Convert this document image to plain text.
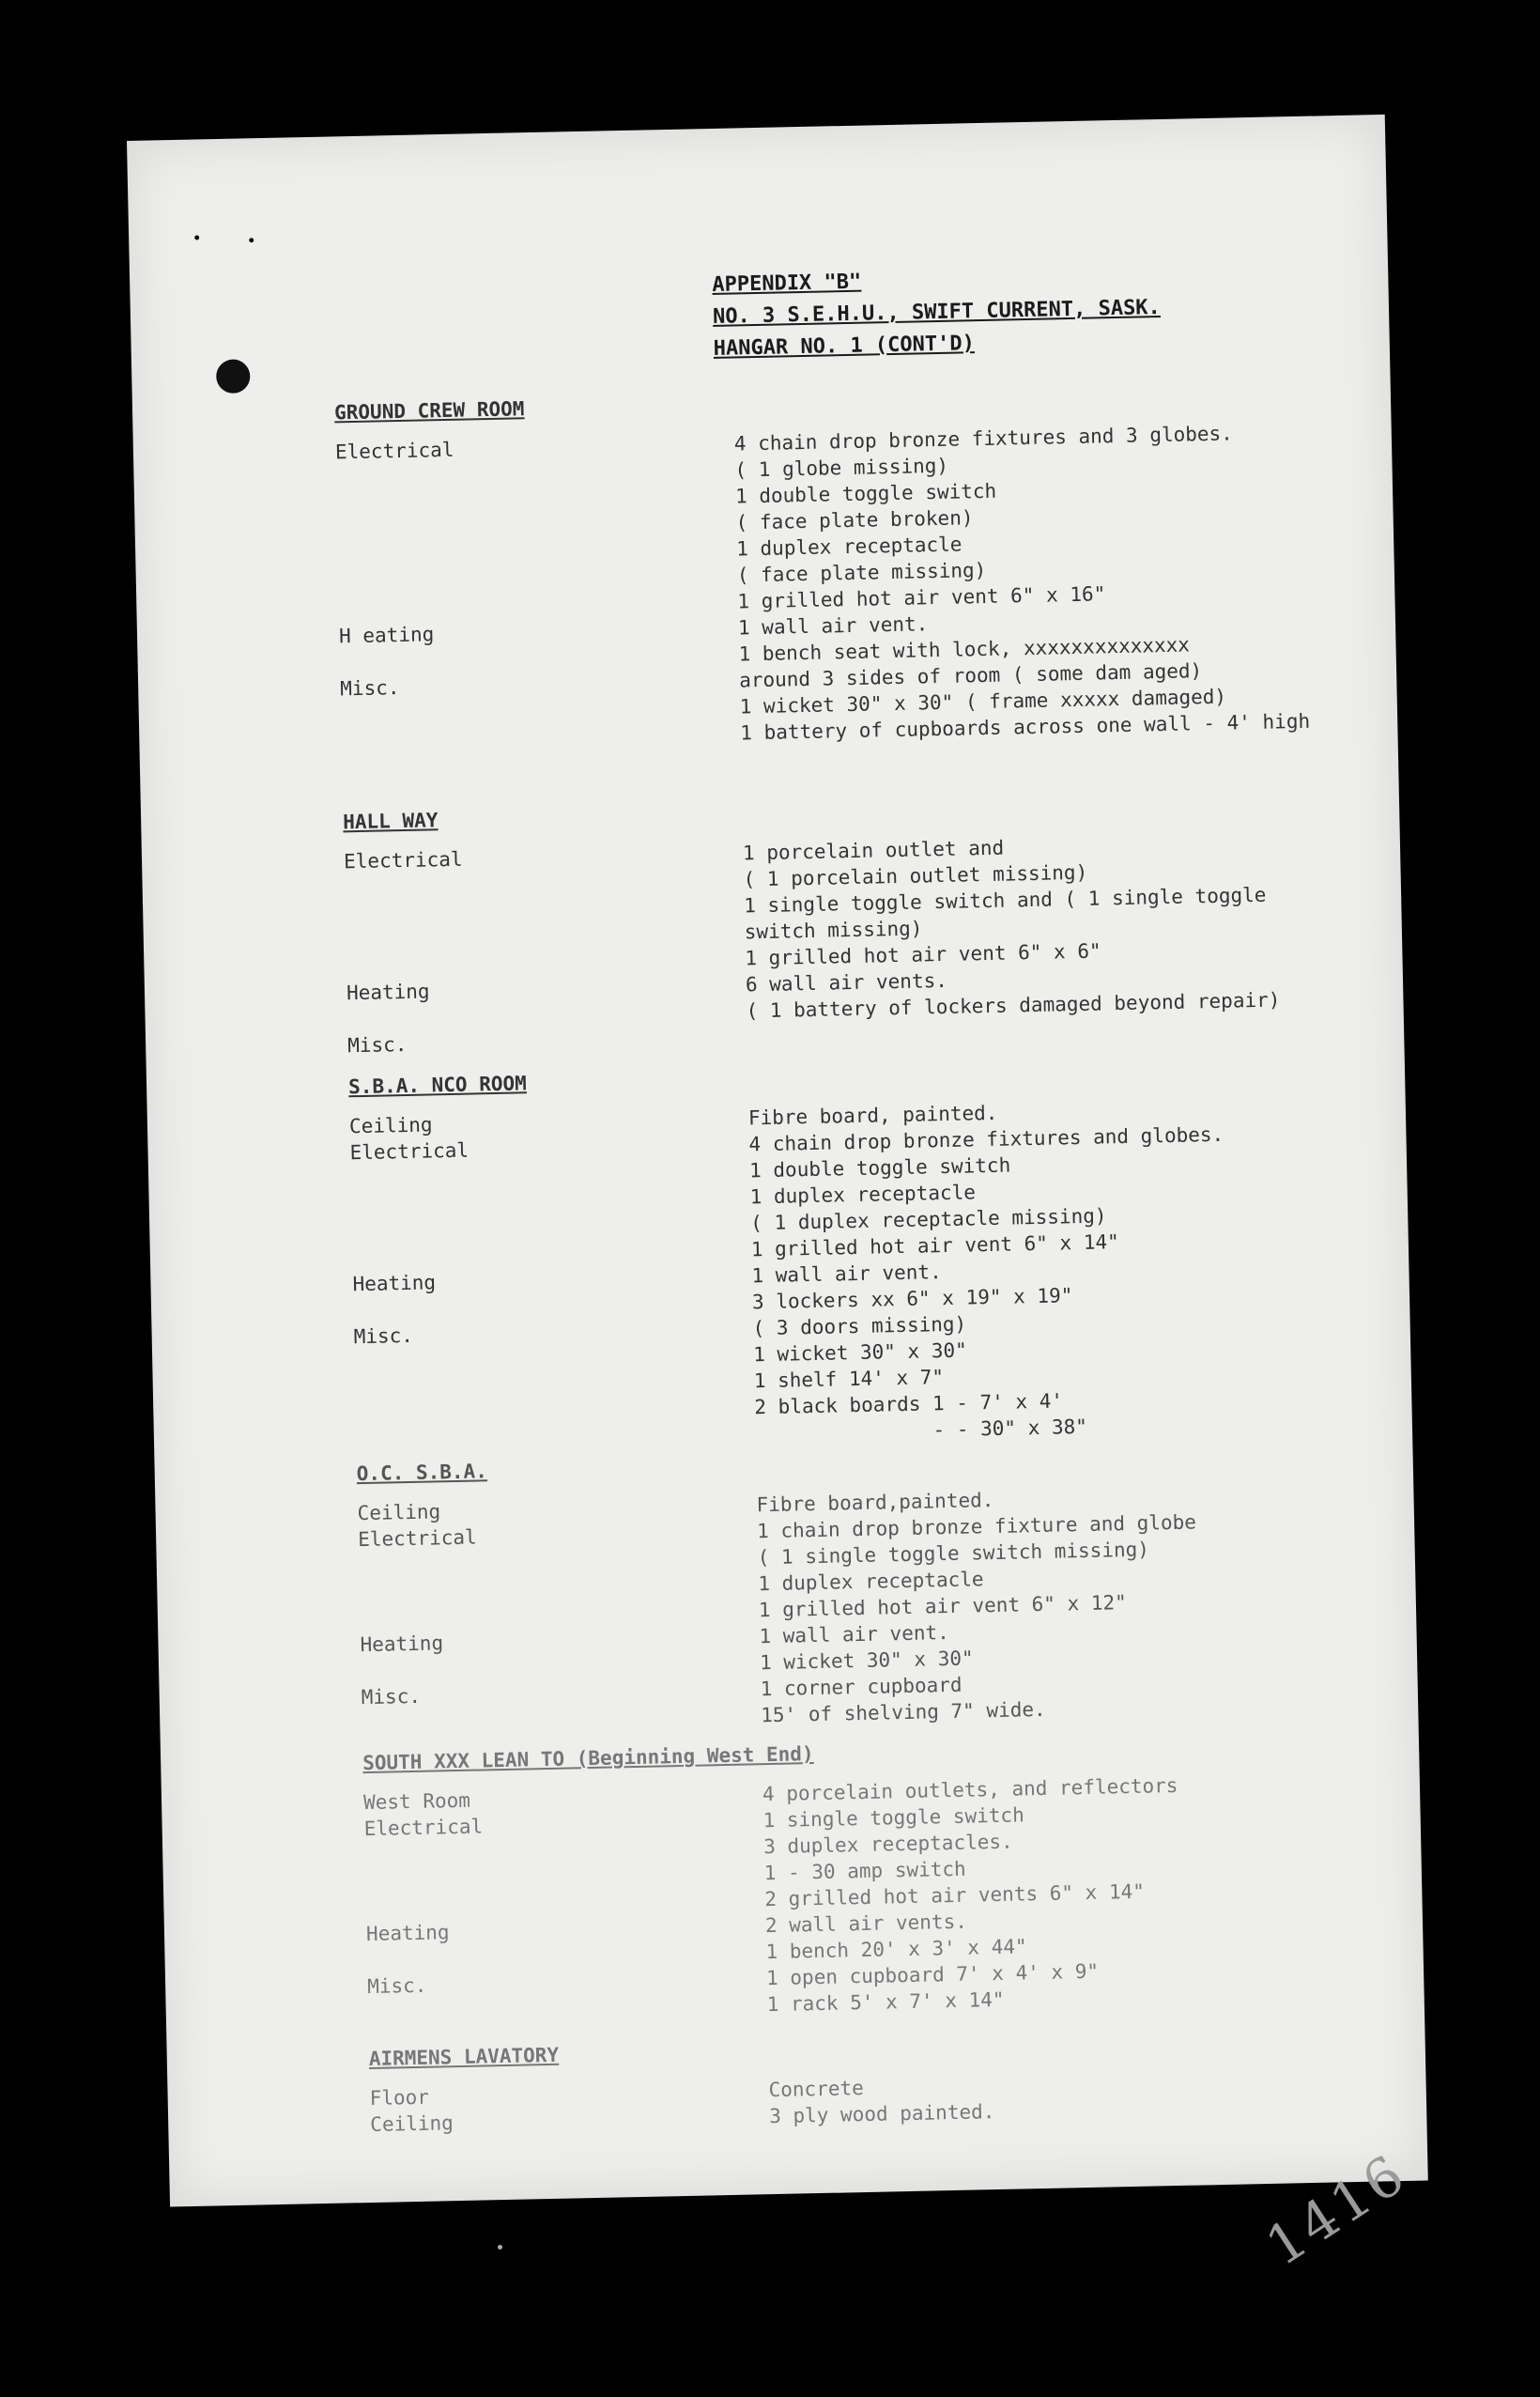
APPENDIX "B"
NO. 3 S.E.H.U., SWIFT CURRENT, SASK.
HANGAR NO. 1 (CONT'D)
GROUND CREW ROOM
Electrical	4 chain drop bronze fixtures and 3 globes.
( 1 globe missing)
1 double toggle switch
( face plate broken)
1 duplex receptacle
( face plate missing)
1 grilled hot air vent 6" x 16"
H eating	1 wall air vent.
1 bench seat with lock, xxxxxxxxxxxxxx
Misc.	around 3 sides of room ( some dam aged)
1 wicket 30" x 30" ( frame xxxxx damaged)
1 battery of cupboards across one wall - 4' high
HALL WAY
Electrical	1 porcelain outlet and
( 1 porcelain outlet missing)
1 single toggle switch and ( 1 single toggle
switch missing)
1 grilled hot air vent 6" x 6"
Heating	6 wall air vents.
( 1 battery of lockers damaged beyond repair)
Misc.
S.B.A. NCO ROOM
Ceiling	Fibre board, painted.
Electrical	4 chain drop bronze fixtures and globes.
1 double toggle switch
1 duplex receptacle
( 1 duplex receptacle missing)
1 grilled hot air vent 6" x 14"
Heating	1 wall air vent.
3 lockers xx 6" x 19" x 19"
Misc.	( 3 doors missing)
1 wicket 30" x 30"
1 shelf 14' x 7"
2 black boards 1 - 7' x 4'
- - 30" x 38"
O.C. S.B.A.
Ceiling	Fibre board,painted.
Electrical	1 chain drop bronze fixture and globe
( 1 single toggle switch missing)
1 duplex receptacle
1 grilled hot air vent 6" x 12"
Heating	1 wall air vent.
1 wicket 30" x 30"
Misc.	1 corner cupboard
15' of shelving 7" wide.
SOUTH XXX LEAN TO (Beginning West End)
West Room	4 porcelain outlets, and reflectors
Electrical	1 single toggle switch
3 duplex receptacles.
1 - 30 amp switch
2 grilled hot air vents 6" x 14"
Heating	2 wall air vents.
1 bench 20' x 3' x 44"
Misc.	1 open cupboard 7' x 4' x 9"
1 rack 5' x 7' x 14"
AIRMENS LAVATORY
Floor	Concrete
Ceiling	3 ply wood painted.
1416
